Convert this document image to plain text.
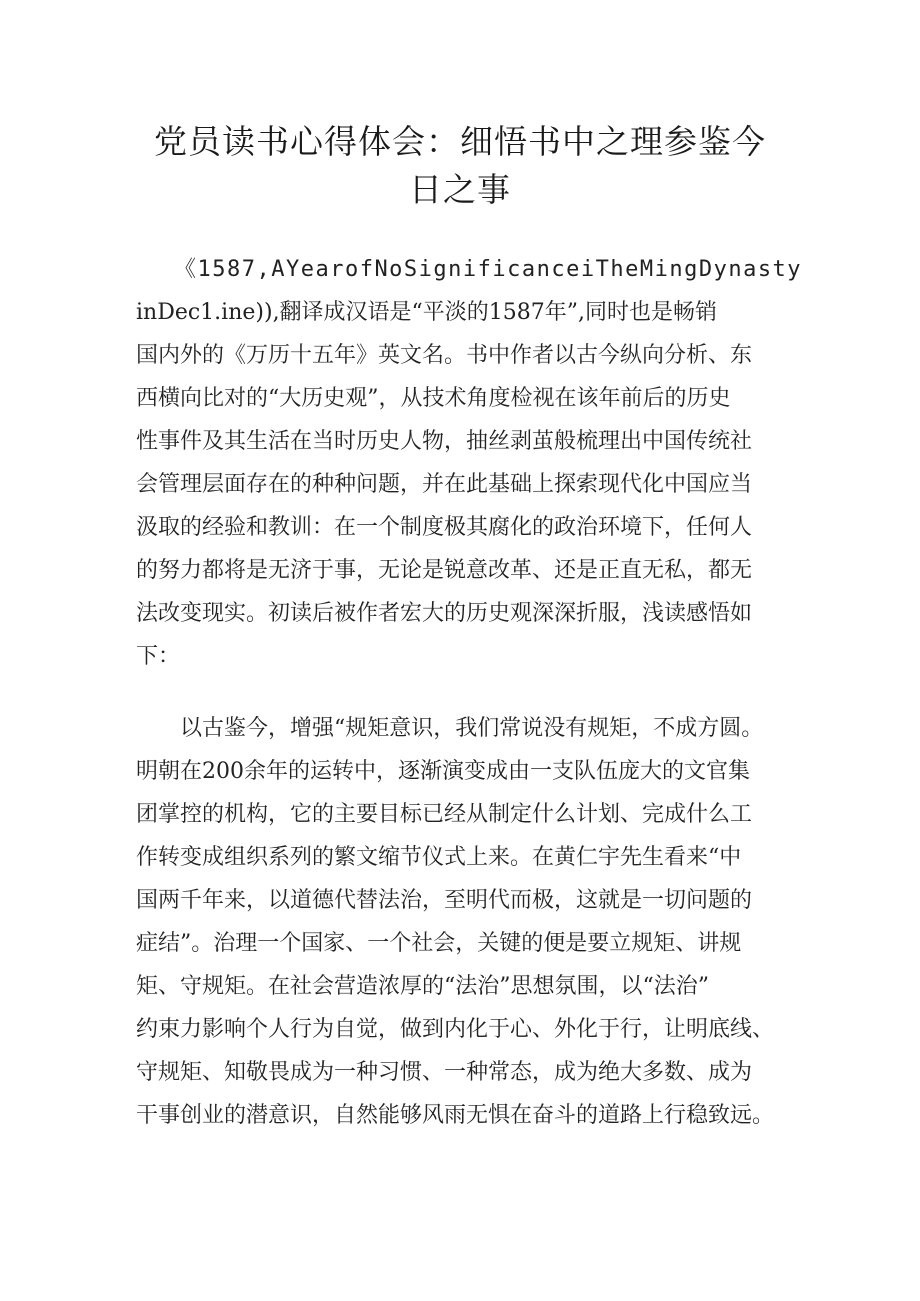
党员读书心得体会：细悟书中之理参鉴今
日之事

《1587,AYearofNoSignificanceiTheMingDynasty

inDec1.ine)),翻译成汉语是“平淡的1587年”,同时也是畅销

国内外的《万历十五年》英文名。书中作者以古今纵向分析、东

西横向比对的“大历史观”，从技术角度检视在该年前后的历史

性事件及其生活在当时历史人物，抽丝剥茧般梳理出中国传统社

会管理层面存在的种种问题，并在此基础上探索现代化中国应当

汲取的经验和教训：在一个制度极其腐化的政治环境下，任何人

的努力都将是无济于事，无论是锐意改革、还是正直无私，都无

法改变现实。初读后被作者宏大的历史观深深折服，浅读感悟如

下：

以古鉴今，增强“规矩意识，我们常说没有规矩，不成方圆。

明朝在200余年的运转中，逐渐演变成由一支队伍庞大的文官集

团掌控的机构，它的主要目标已经从制定什么计划、完成什么工

作转变成组织系列的繁文缩节仪式上来。在黄仁宇先生看来“中

国两千年来，以道德代替法治，至明代而极，这就是一切问题的

症结”。治理一个国家、一个社会，关键的便是要立规矩、讲规

矩、守规矩。在社会营造浓厚的“法治”思想氛围，以“法治”

约束力影响个人行为自觉，做到内化于心、外化于行，让明底线、

守规矩、知敬畏成为一种习惯、一种常态，成为绝大多数、成为

干事创业的潜意识，自然能够风雨无惧在奋斗的道路上行稳致远。
